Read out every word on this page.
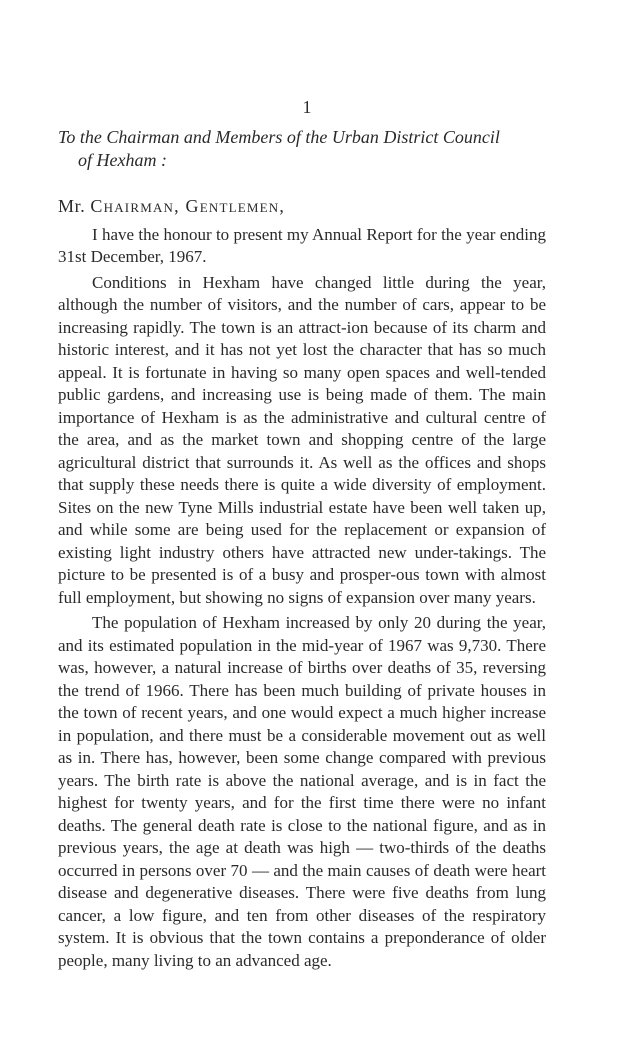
1
To the Chairman and Members of the Urban District Council
of Hexham :
Mr. Chairman, Gentlemen,

I have the honour to present my Annual Report for the year ending 31st December, 1967.

Conditions in Hexham have changed little during the year, although the number of visitors, and the number of cars, appear to be increasing rapidly. The town is an attract-ion because of its charm and historic interest, and it has not yet lost the character that has so much appeal. It is fortunate in having so many open spaces and well-tended public gardens, and increasing use is being made of them. The main importance of Hexham is as the administrative and cultural centre of the area, and as the market town and shopping centre of the large agricultural district that surrounds it. As well as the offices and shops that supply these needs there is quite a wide diversity of employment. Sites on the new Tyne Mills industrial estate have been well taken up, and while some are being used for the replacement or expansion of existing light industry others have attracted new under-takings. The picture to be presented is of a busy and prosper-ous town with almost full employment, but showing no signs of expansion over many years.

The population of Hexham increased by only 20 during the year, and its estimated population in the mid-year of 1967 was 9,730. There was, however, a natural increase of births over deaths of 35, reversing the trend of 1966. There has been much building of private houses in the town of recent years, and one would expect a much higher increase in population, and there must be a considerable movement out as well as in. There has, however, been some change compared with previous years. The birth rate is above the national average, and is in fact the highest for twenty years, and for the first time there were no infant deaths. The general death rate is close to the national figure, and as in previous years, the age at death was high — two-thirds of the deaths occurred in persons over 70 — and the main causes of death were heart disease and degenerative diseases. There were five deaths from lung cancer, a low figure, and ten from other diseases of the respiratory system. It is obvious that the town contains a preponderance of older people, many living to an advanced age.
